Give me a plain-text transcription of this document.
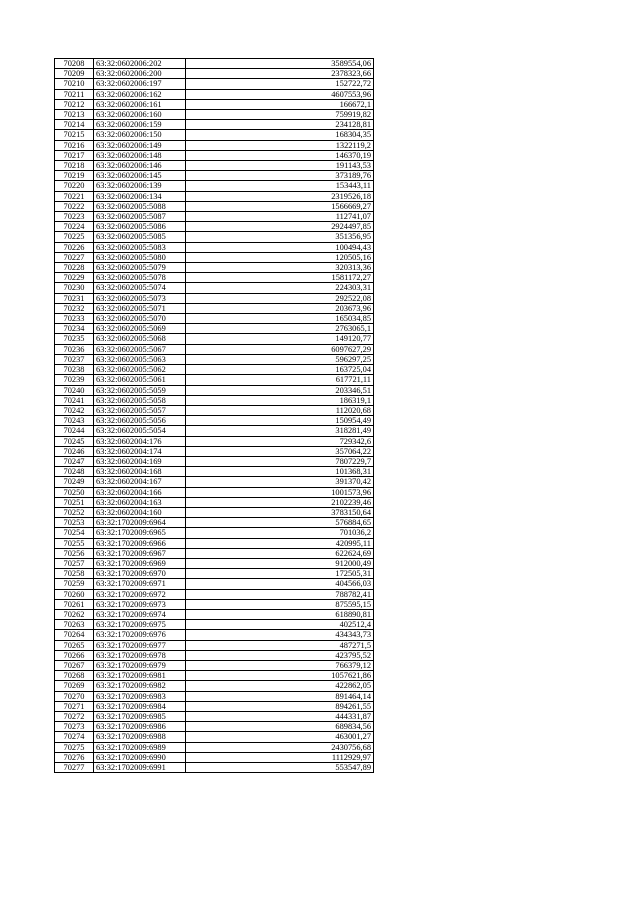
70208	63:32:0602006:202	3589554,06
70209	63:32:0602006:200	2378323,66
70210	63:32:0602006:197	152722,72
70211	63:32:0602006:162	4607553,96
70212	63:32:0602006:161	166672,1
70213	63:32:0602006:160	759919,82
70214	63:32:0602006:159	234128,81
70215	63:32:0602006:150	168304,35
70216	63:32:0602006:149	1322119,2
70217	63:32:0602006:148	146370,19
70218	63:32:0602006:146	191143,53
70219	63:32:0602006:145	373189,76
70220	63:32:0602006:139	153443,11
70221	63:32:0602006:134	2319526,18
70222	63:32:0602005:5088	1566669,27
70223	63:32:0602005:5087	112741,07
70224	63:32:0602005:5086	2924497,85
70225	63:32:0602005:5085	351356,95
70226	63:32:0602005:5083	100494,43
70227	63:32:0602005:5080	120505,16
70228	63:32:0602005:5079	320313,36
70229	63:32:0602005:5078	1581172,27
70230	63:32:0602005:5074	224303,31
70231	63:32:0602005:5073	292522,08
70232	63:32:0602005:5071	203673,96
70233	63:32:0602005:5070	165034,85
70234	63:32:0602005:5069	2763065,1
70235	63:32:0602005:5068	149120,77
70236	63:32:0602005:5067	6097627,29
70237	63:32:0602005:5063	596297,25
70238	63:32:0602005:5062	163725,04
70239	63:32:0602005:5061	617721,11
70240	63:32:0602005:5059	203346,51
70241	63:32:0602005:5058	186319,1
70242	63:32:0602005:5057	112020,68
70243	63:32:0602005:5056	150954,49
70244	63:32:0602005:5054	318281,49
70245	63:32:0602004:176	729342,6
70246	63:32:0602004:174	357064,22
70247	63:32:0602004:169	7807229,7
70248	63:32:0602004:168	101368,31
70249	63:32:0602004:167	391370,42
70250	63:32:0602004:166	1001573,96
70251	63:32:0602004:163	2102239,46
70252	63:32:0602004:160	3783150,64
70253	63:32:1702009:6964	576884,65
70254	63:32:1702009:6965	701036,2
70255	63:32:1702009:6966	420995,11
70256	63:32:1702009:6967	622624,69
70257	63:32:1702009:6969	912000,49
70258	63:32:1702009:6970	172505,31
70259	63:32:1702009:6971	404566,03
70260	63:32:1702009:6972	788782,41
70261	63:32:1702009:6973	875595,15
70262	63:32:1702009:6974	618890,81
70263	63:32:1702009:6975	402512,4
70264	63:32:1702009:6976	434343,73
70265	63:32:1702009:6977	487271,5
70266	63:32:1702009:6978	423795,52
70267	63:32:1702009:6979	766379,12
70268	63:32:1702009:6981	1057621,86
70269	63:32:1702009:6982	422862,05
70270	63:32:1702009:6983	891464,14
70271	63:32:1702009:6984	894261,55
70272	63:32:1702009:6985	444331,87
70273	63:32:1702009:6986	689834,56
70274	63:32:1702009:6988	463001,27
70275	63:32:1702009:6989	2430756,68
70276	63:32:1702009:6990	1112929,97
70277	63:32:1702009:6991	553547,89
